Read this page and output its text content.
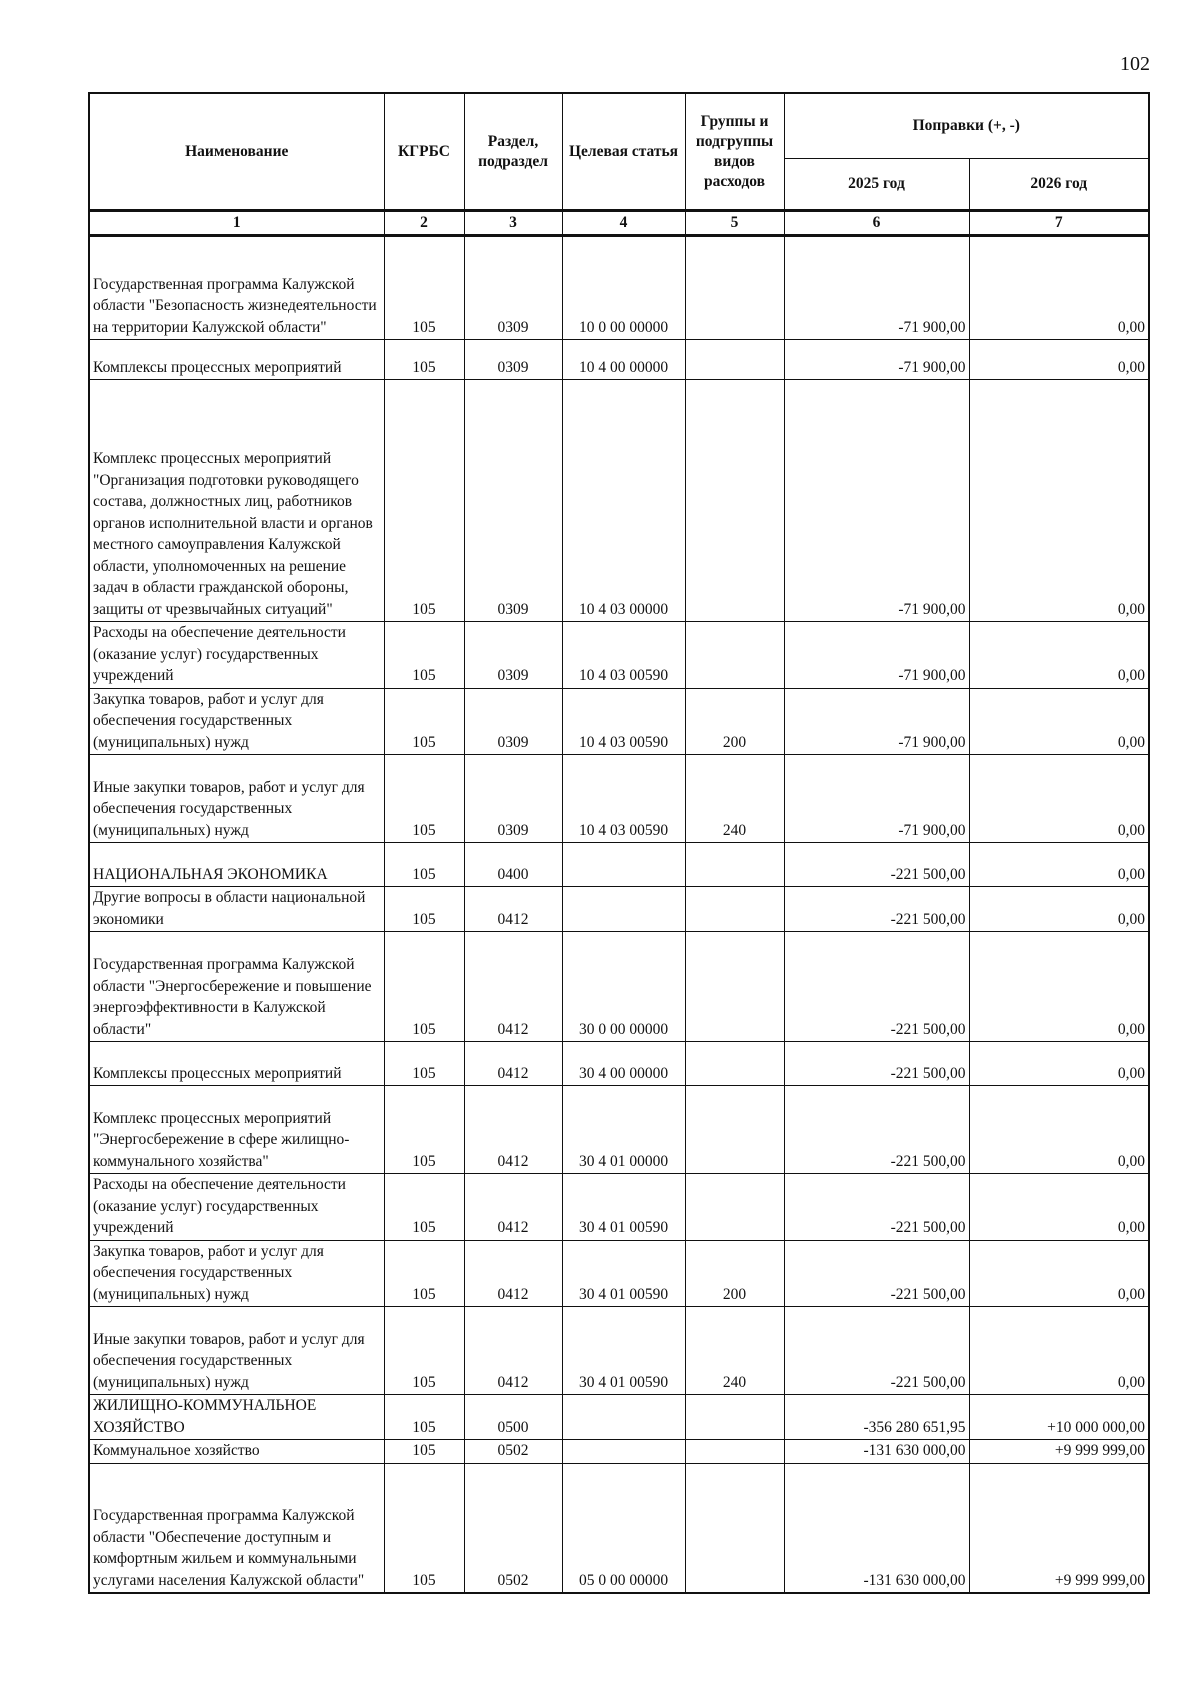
102
Наименование	КГРБС	Раздел, подраздел	Целевая статья	Группы и подгруппы видов расходов	Поправки (+, -)	
					2025 год	2026 год
1	2	3	4	5	6	7
Государственная программа Калужской области "Безопасность жизнедеятельности на территории Калужской области"	105	0309	10 0 00 00000		-71 900,00	0,00
Комплексы процессных мероприятий	105	0309	10 4 00 00000		-71 900,00	0,00
Комплекс процессных мероприятий "Организация подготовки руководящего состава, должностных лиц, работников органов исполнительной власти и органов местного самоуправления Калужской области, уполномоченных на решение задач в области гражданской обороны, защиты от чрезвычайных ситуаций"	105	0309	10 4 03 00000		-71 900,00	0,00
Расходы на обеспечение деятельности (оказание услуг) государственных учреждений	105	0309	10 4 03 00590		-71 900,00	0,00
Закупка товаров, работ и услуг для обеспечения государственных (муниципальных) нужд	105	0309	10 4 03 00590	200	-71 900,00	0,00
Иные закупки товаров, работ и услуг для обеспечения государственных (муниципальных) нужд	105	0309	10 4 03 00590	240	-71 900,00	0,00
НАЦИОНАЛЬНАЯ ЭКОНОМИКА	105	0400			-221 500,00	0,00
Другие вопросы в области национальной экономики	105	0412			-221 500,00	0,00
Государственная программа Калужской области "Энергосбережение и повышение энергоэффективности в Калужской области"	105	0412	30 0 00 00000		-221 500,00	0,00
Комплексы процессных мероприятий	105	0412	30 4 00 00000		-221 500,00	0,00
Комплекс процессных мероприятий "Энергосбережение в сфере жилищно-коммунального хозяйства"	105	0412	30 4 01 00000		-221 500,00	0,00
Расходы на обеспечение деятельности (оказание услуг) государственных учреждений	105	0412	30 4 01 00590		-221 500,00	0,00
Закупка товаров, работ и услуг для обеспечения государственных (муниципальных) нужд	105	0412	30 4 01 00590	200	-221 500,00	0,00
Иные закупки товаров, работ и услуг для обеспечения государственных (муниципальных) нужд	105	0412	30 4 01 00590	240	-221 500,00	0,00
ЖИЛИЩНО-КОММУНАЛЬНОЕ ХОЗЯЙСТВО	105	0500			-356 280 651,95	+10 000 000,00
Коммунальное хозяйство	105	0502			-131 630 000,00	+9 999 999,00
Государственная программа Калужской области "Обеспечение доступным и комфортным жильем и коммунальными услугами населения Калужской области"	105	0502	05 0 00 00000		-131 630 000,00	+9 999 999,00
